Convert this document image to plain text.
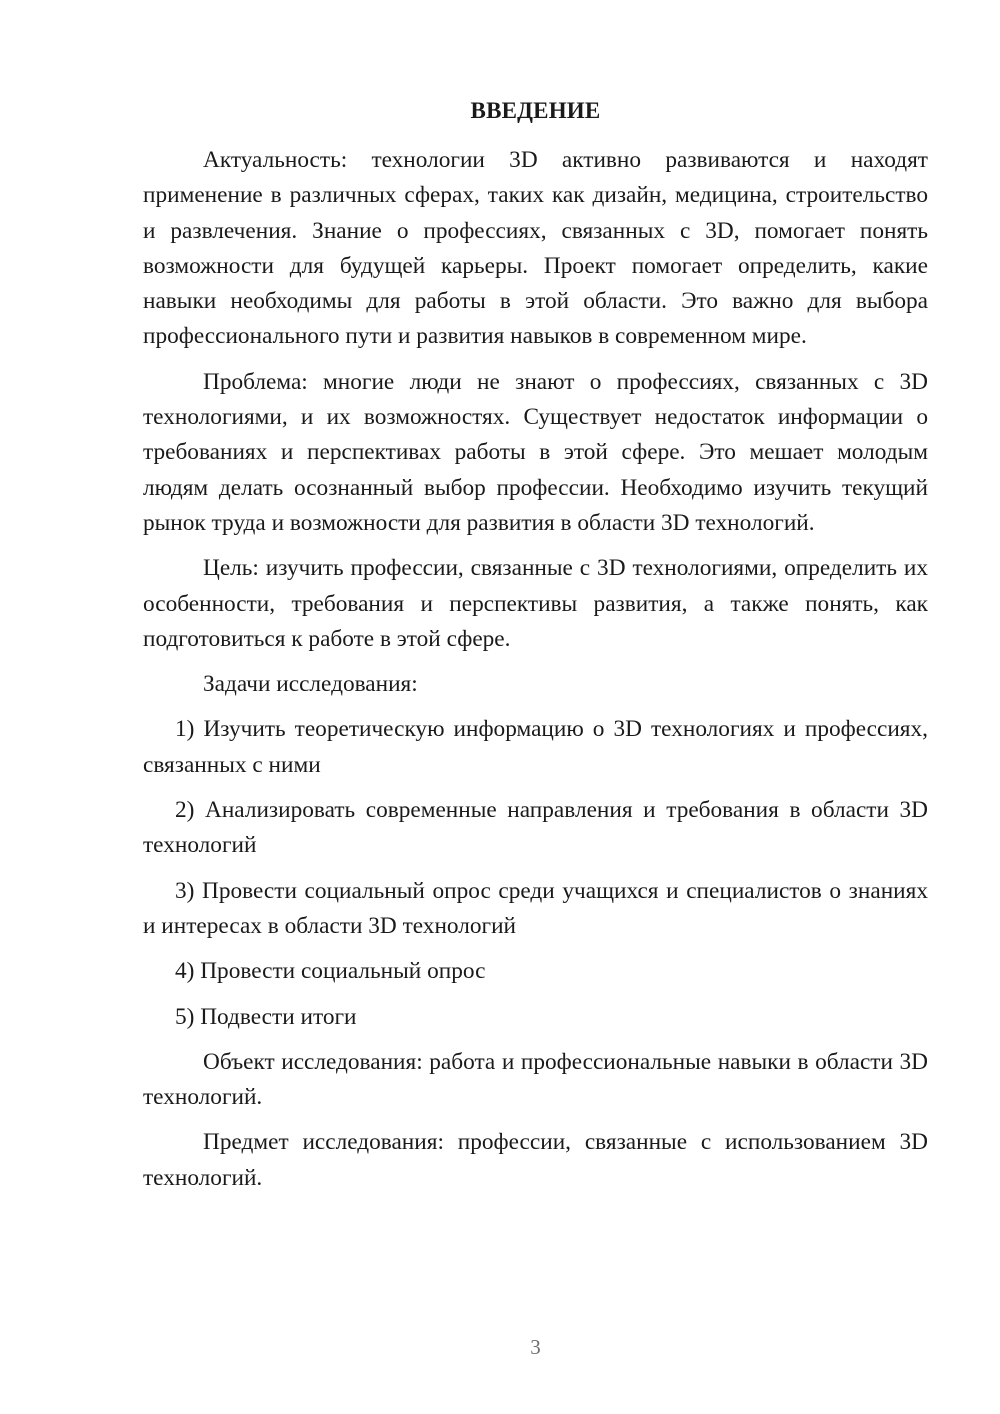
ВВЕДЕНИЕ

Актуальность: технологии 3D активно развиваются и находят применение в различных сферах, таких как дизайн, медицина, строительство и развлечения. Знание о профессиях, связанных с 3D, помогает понять возможности для будущей карьеры. Проект помогает определить, какие навыки необходимы для работы в этой области. Это важно для выбора профессионального пути и развития навыков в современном мире.

Проблема: многие люди не знают о профессиях, связанных с 3D технологиями, и их возможностях. Существует недостаток информации о требованиях и перспективах работы в этой сфере. Это мешает молодым людям делать осознанный выбор профессии. Необходимо изучить текущий рынок труда и возможности для развития в области 3D технологий.

Цель: изучить профессии, связанные с 3D технологиями, определить их особенности, требования и перспективы развития, а также понять, как подготовиться к работе в этой сфере.

Задачи исследования:

1) Изучить теоретическую информацию о 3D технологиях и профессиях, связанных с ними

2) Анализировать современные направления и требования в области 3D технологий

3) Провести социальный опрос среди учащихся и специалистов о знаниях и интересах в области 3D технологий

4) Провести социальный опрос

5) Подвести итоги

Объект исследования: работа и профессиональные навыки в области 3D технологий.

Предмет исследования: профессии, связанные с использованием 3D технологий.

3
